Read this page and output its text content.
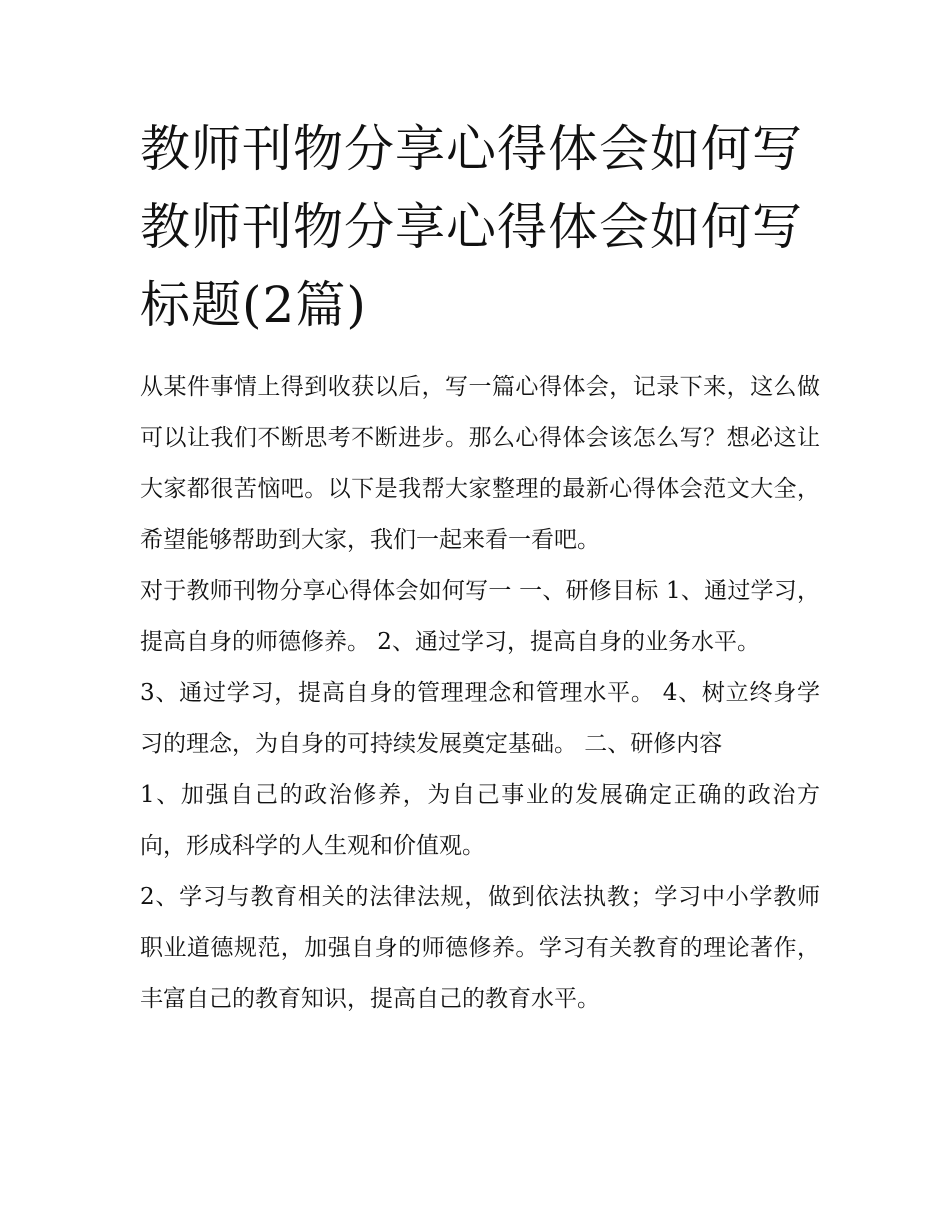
教师刊物分享心得体会如何写
教师刊物分享心得体会如何写
标题(2篇)

从某件事情上得到收获以后，写一篇心得体会，记录下来，这么做可以让我们不断思考不断进步。那么心得体会该怎么写？想必这让大家都很苦恼吧。以下是我帮大家整理的最新心得体会范文大全，希望能够帮助到大家，我们一起来看一看吧。

对于教师刊物分享心得体会如何写一 一、研修目标 1、通过学习，提高自身的师德修养。 2、通过学习，提高自身的业务水平。

3、通过学习，提高自身的管理理念和管理水平。 4、树立终身学习的理念，为自身的可持续发展奠定基础。 二、研修内容

1、加强自己的政治修养，为自己事业的发展确定正确的政治方向，形成科学的人生观和价值观。

2、学习与教育相关的法律法规，做到依法执教；学习中小学教师职业道德规范，加强自身的师德修养。学习有关教育的理论著作，丰富自己的教育知识，提高自己的教育水平。
